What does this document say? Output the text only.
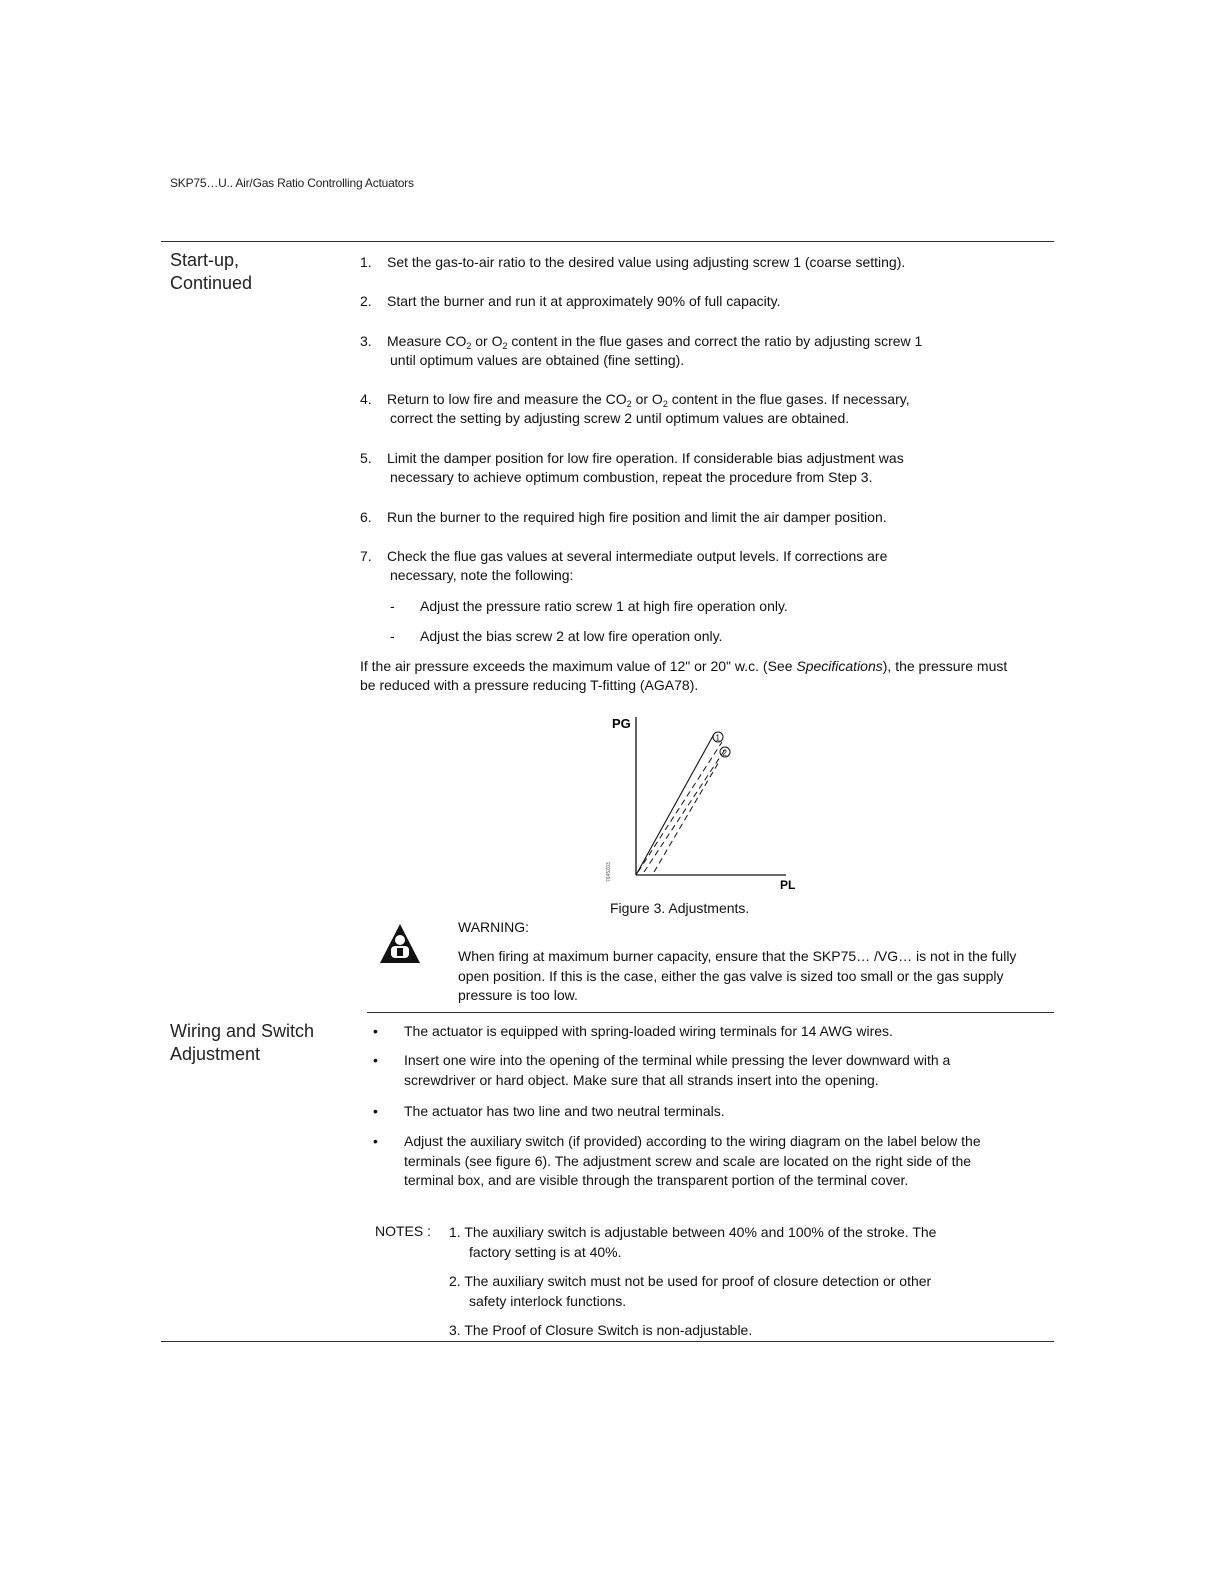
SKP75…U.. Air/Gas Ratio Controlling Actuators
Start-up,
Continued
1.	Set the gas-to-air ratio to the desired value using adjusting screw 1 (coarse setting).
2.	Start the burner and run it at approximately 90% of full capacity.
3.	Measure $CO_2$ or $O_2$ content in the flue gases and correct the ratio by adjusting screw 1
until optimum values are obtained (fine setting).
4.	Return to low fire and measure the $CO_2$ or $O_2$ content in the flue gases. If necessary,
correct the setting by adjusting screw 2 until optimum values are obtained.
5.	Limit the damper position for low fire operation. If considerable bias adjustment was
necessary to achieve optimum combustion, repeat the procedure from Step 3.
6.	Run the burner to the required high fire position and limit the air damper position.
7.	Check the flue gas values at several intermediate output levels. If corrections are
necessary, note the following:
- Adjust the pressure ratio screw 1 at high fire operation only.
- Adjust the bias screw 2 at low fire operation only.
If the air pressure exceeds the maximum value of 12" or 20" w.c. (See Specifications), the pressure must be reduced with a pressure reducing T-fitting (AGA78).
PG
PL
1
2
7645Z03
Figure 3. Adjustments.
WARNING:
When firing at maximum burner capacity, ensure that the SKP75… /VG… is not in the fully open position. If this is the case, either the gas valve is sized too small or the gas supply pressure is too low.
Wiring and Switch
Adjustment
• The actuator is equipped with spring-loaded wiring terminals for 14 AWG wires.
• Insert one wire into the opening of the terminal while pressing the lever downward with a screwdriver or hard object. Make sure that all strands insert into the opening.
• The actuator has two line and two neutral terminals.
• Adjust the auxiliary switch (if provided) according to the wiring diagram on the label below the terminals (see figure 6). The adjustment screw and scale are located on the right side of the terminal box, and are visible through the transparent portion of the terminal cover.
NOTES : 1. The auxiliary switch is adjustable between 40% and 100% of the stroke. The
factory setting is at 40%.
2. The auxiliary switch must not be used for proof of closure detection or other
safety interlock functions.
3. The Proof of Closure Switch is non-adjustable.
